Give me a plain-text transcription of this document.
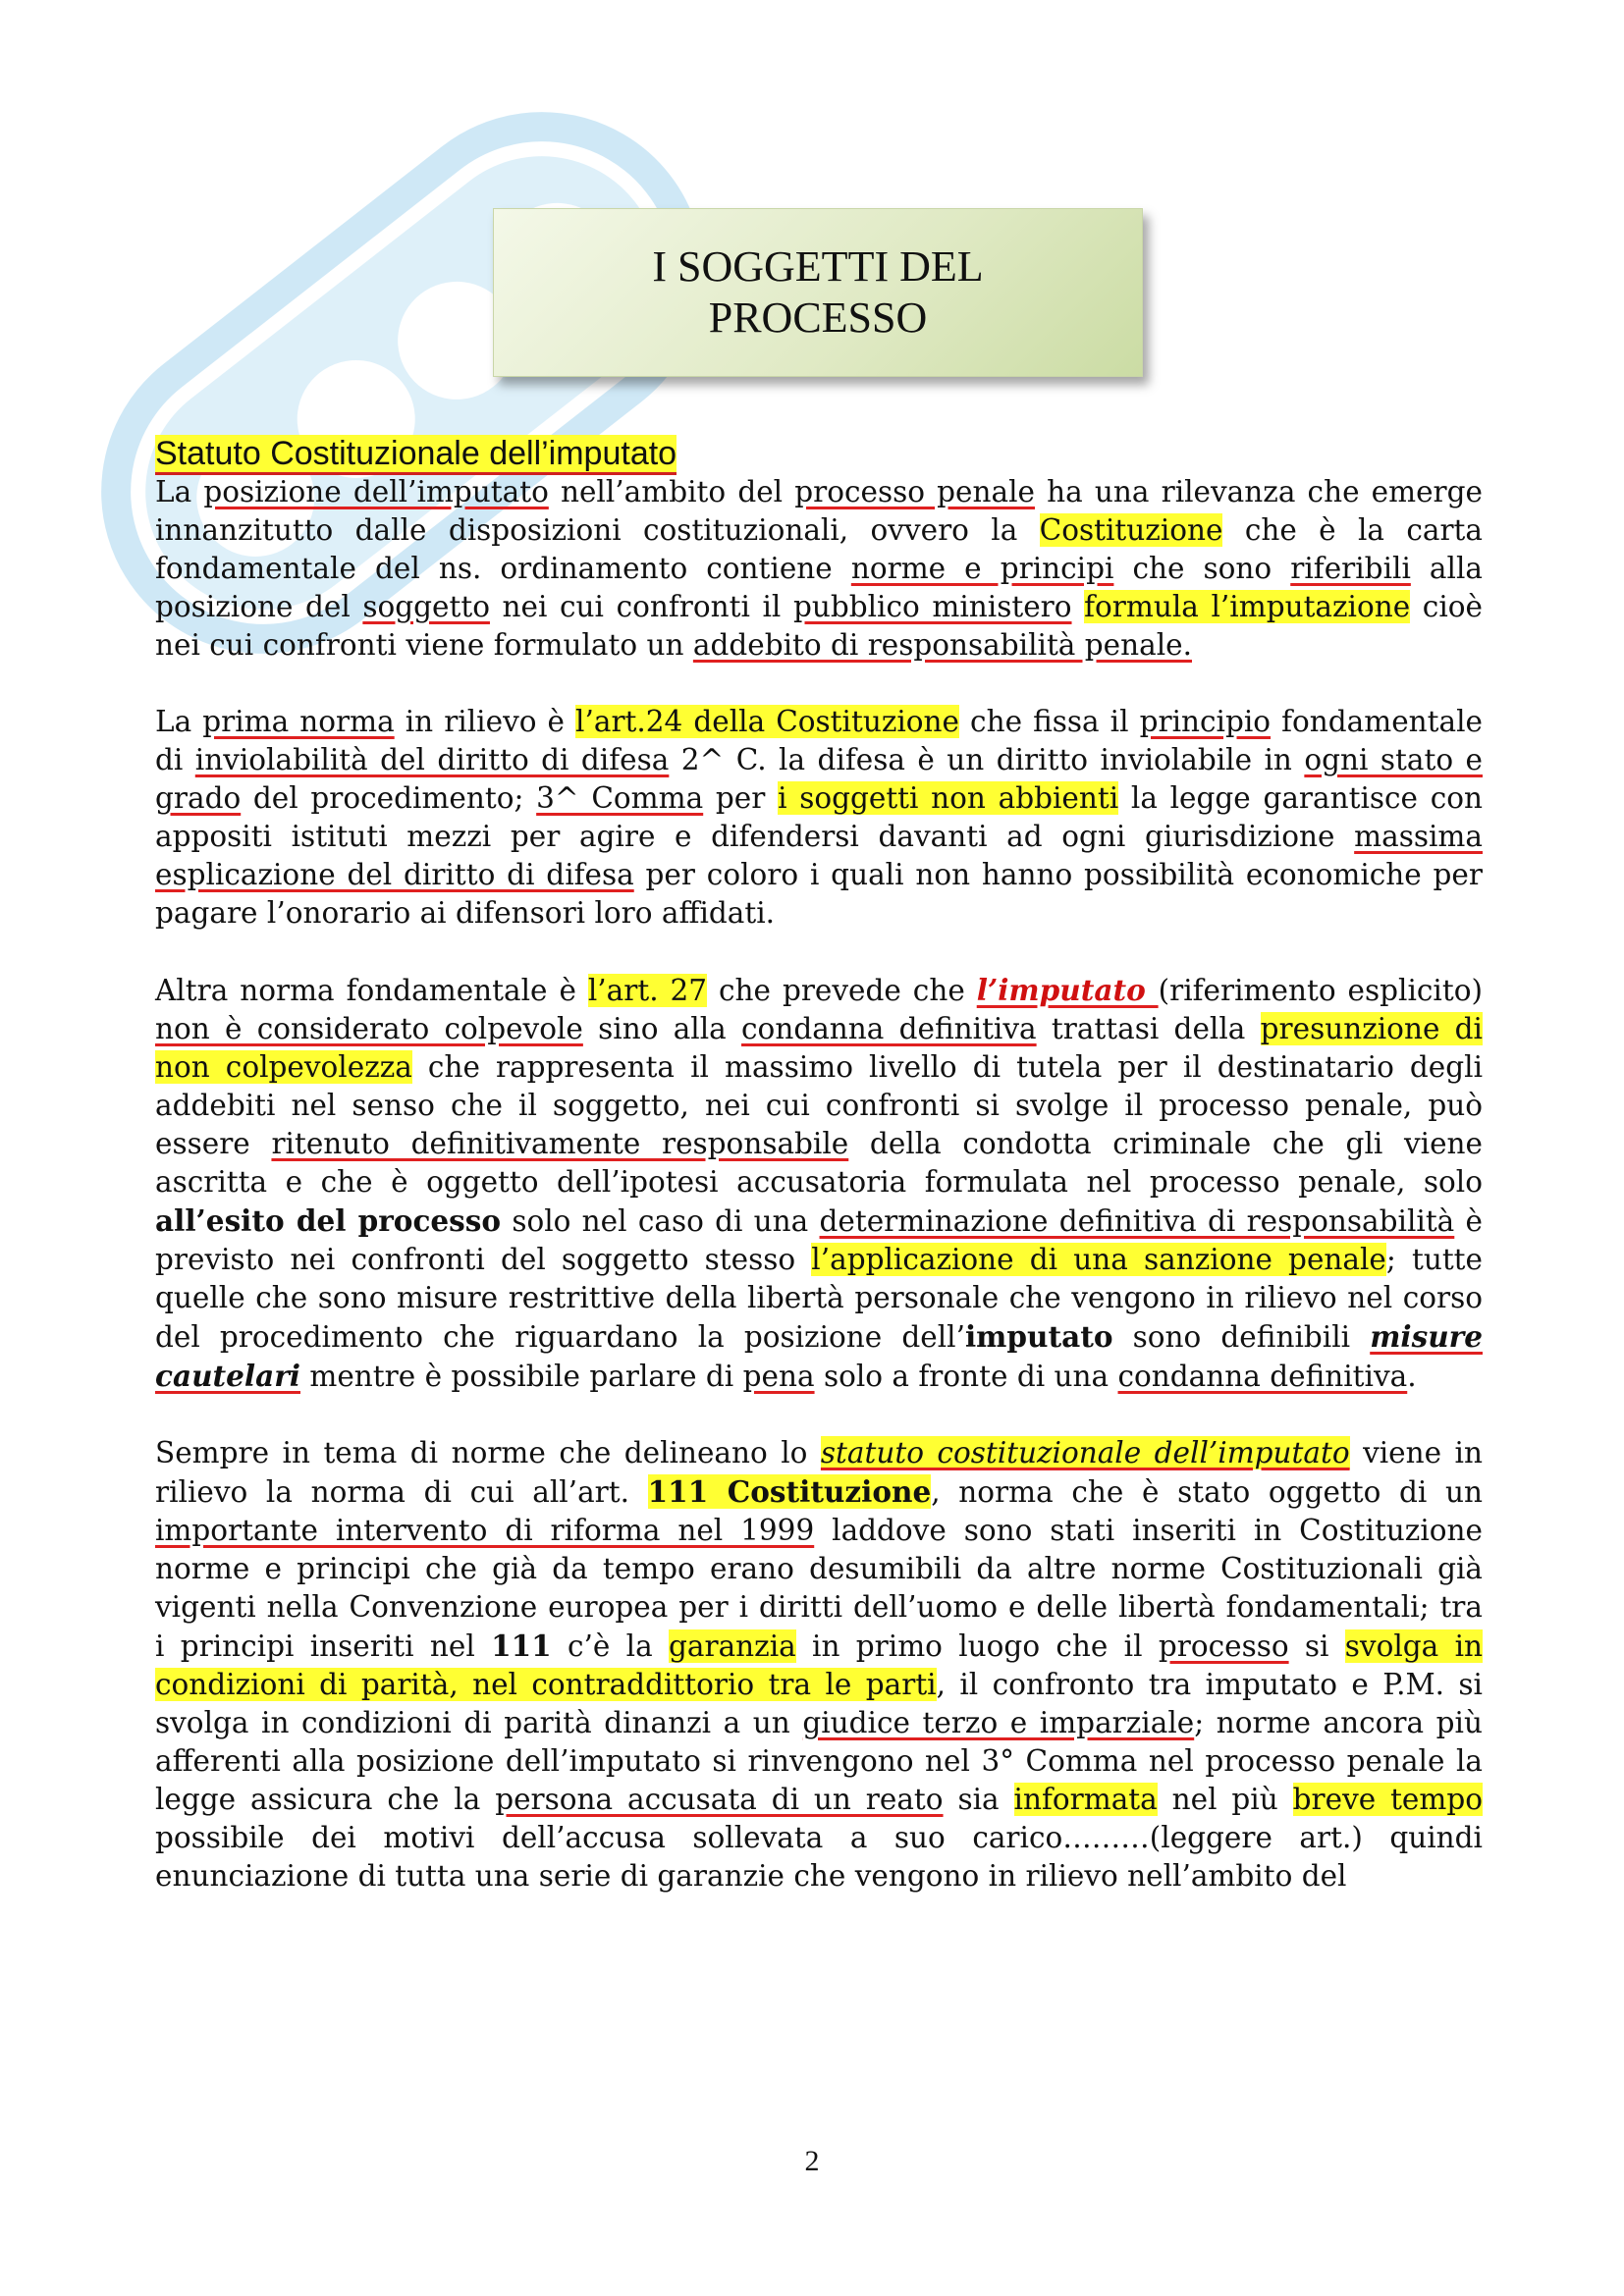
I SOGGETTI DEL
PROCESSO
Statuto Costituzionale dell’imputato

La posizione dell’imputato nell’ambito del processo penale ha una rilevanza che emerge innanzitutto dalle disposizioni costituzionali, ovvero la Costituzione che è la carta fondamentale del ns. ordinamento contiene norme e principi che sono riferibili alla posizione del soggetto nei cui confronti il pubblico ministero formula l’imputazione cioè nei cui confronti viene formulato un addebito di responsabilità penale.

La prima norma in rilievo è l’art.24 della Costituzione che fissa il principio fondamentale di inviolabilità del diritto di difesa 2^ C. la difesa è un diritto inviolabile in ogni stato e grado del procedimento; 3^ Comma per i soggetti non abbienti la legge garantisce con appositi istituti mezzi per agire e difendersi davanti ad ogni giurisdizione massima esplicazione del diritto di difesa per coloro i quali non hanno possibilità economiche per pagare l’onorario ai difensori loro affidati.

Altra norma fondamentale è l’art. 27 che prevede che l’imputato (riferimento esplicito) non è considerato colpevole sino alla condanna definitiva trattasi della presunzione di non colpevolezza che rappresenta il massimo livello di tutela per il destinatario degli addebiti nel senso che il soggetto, nei cui confronti si svolge il processo penale, può essere ritenuto definitivamente responsabile della condotta criminale che gli viene ascritta e che è oggetto dell’ipotesi accusatoria formulata nel processo penale, solo all’esito del processo solo nel caso di una determinazione definitiva di responsabilità è previsto nei confronti del soggetto stesso l’applicazione di una sanzione penale; tutte quelle che sono misure restrittive della libertà personale che vengono in rilievo nel corso del procedimento che riguardano la posizione dell’imputato sono definibili misure cautelari mentre è possibile parlare di pena solo a fronte di una condanna definitiva.

Sempre in tema di norme che delineano lo statuto costituzionale dell’imputato viene in rilievo la norma di cui all’art. 111 Costituzione, norma che è stato oggetto di un importante intervento di riforma nel 1999 laddove sono stati inseriti in Costituzione norme e principi che già da tempo erano desumibili da altre norme Costituzionali già vigenti nella Convenzione europea per i diritti dell’uomo e delle libertà fondamentali; tra i principi inseriti nel 111 c’è la garanzia in primo luogo che il processo si svolga in condizioni di parità, nel contraddittorio tra le parti, il confronto tra imputato e P.M. si svolga in condizioni di parità dinanzi a un giudice terzo e imparziale; norme ancora più afferenti alla posizione dell’imputato si rinvengono nel 3° Comma nel processo penale la legge assicura che la persona accusata di un reato sia informata nel più breve tempo possibile dei motivi dell’accusa sollevata a suo carico………(leggere art.) quindi enunciazione di tutta una serie di garanzie che vengono in rilievo nell’ambito del

2
